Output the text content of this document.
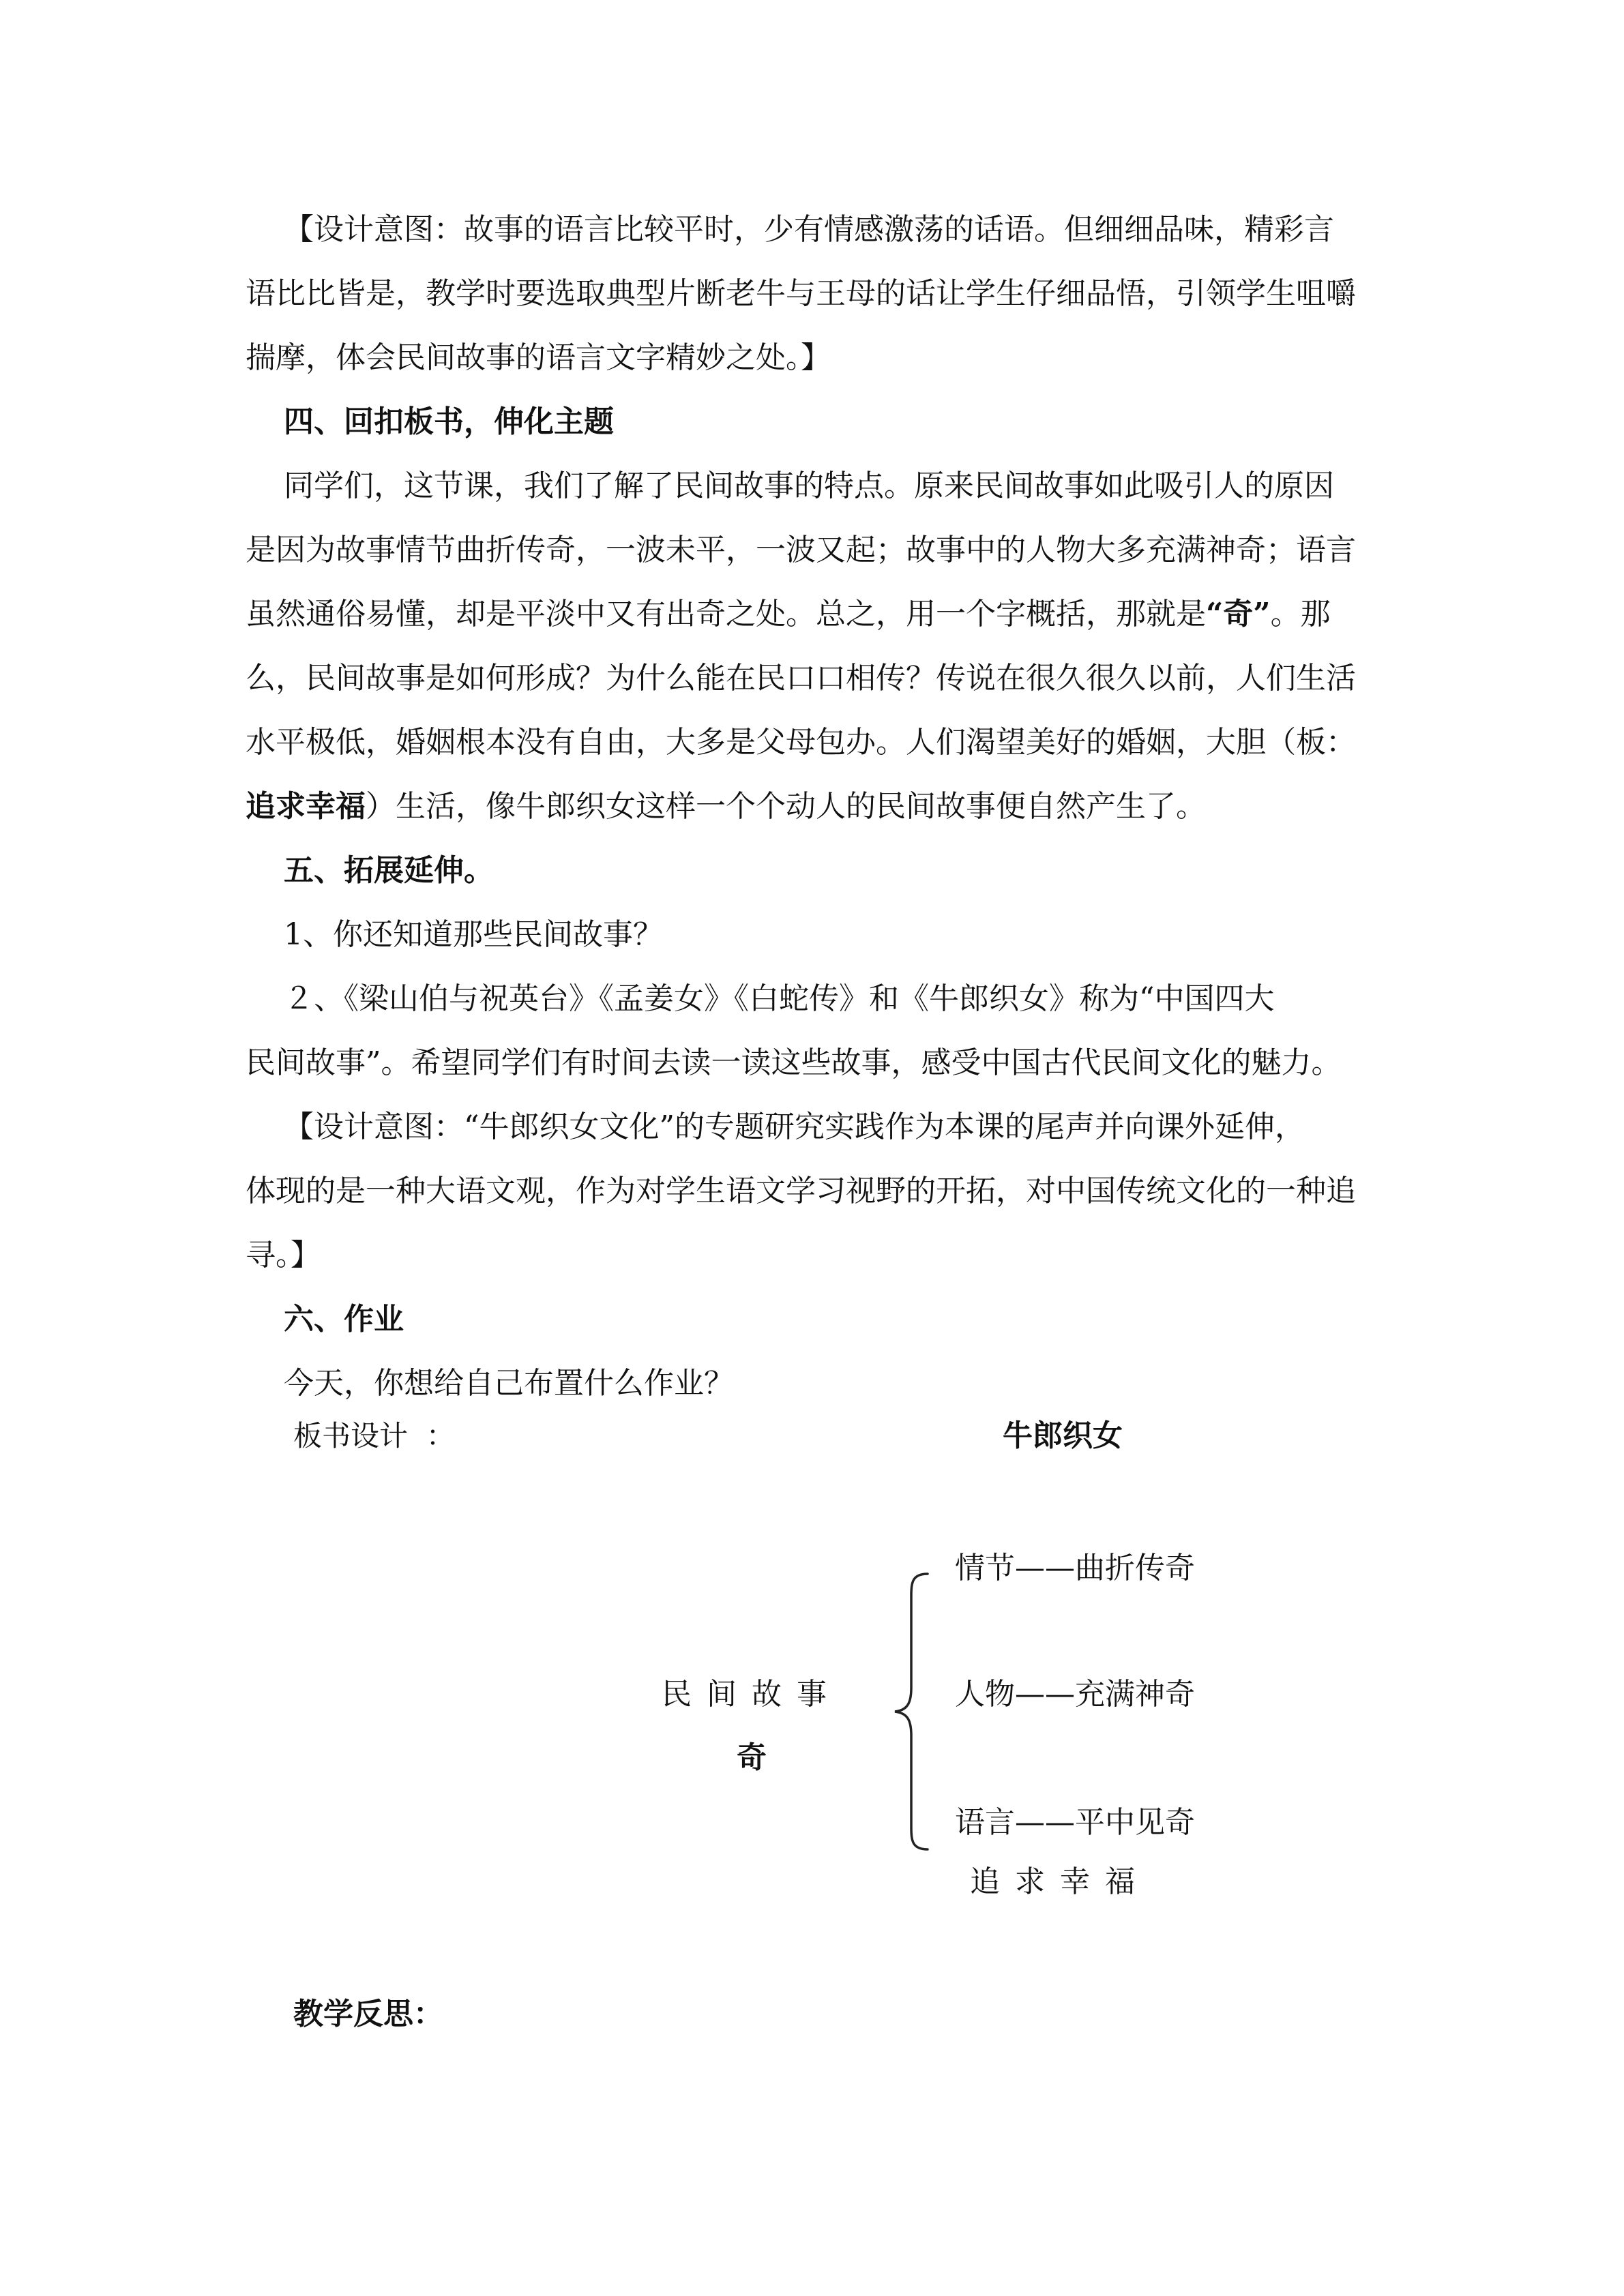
【设计意图：故事的语言比较平时，少有情感激荡的话语。但细细品味，精彩言

语比比皆是，教学时要选取典型片断老牛与王母的话让学生仔细品悟，引领学生咀嚼

揣摩，体会民间故事的语言文字精妙之处。】

四、回扣板书，伸化主题

同学们，这节课，我们了解了民间故事的特点。原来民间故事如此吸引人的原因

是因为故事情节曲折传奇，一波未平，一波又起；故事中的人物大多充满神奇；语言

虽然通俗易懂，却是平淡中又有出奇之处。总之，用一个字概括，那就是“奇”。那

么，民间故事是如何形成？为什么能在民口口相传？传说在很久很久以前，人们生活

水平极低，婚姻根本没有自由，大多是父母包办。人们渴望美好的婚姻，大胆（板：

追求幸福）生活，像牛郎织女这样一个个动人的民间故事便自然产生了。

五、拓展延伸。

1、你还知道那些民间故事？

２、《梁山伯与祝英台》《孟姜女》《白蛇传》和《牛郎织女》称为“中国四大

民间故事”。希望同学们有时间去读一读这些故事，感受中国古代民间文化的魅力。

【设计意图：“牛郎织女文化”的专题研究实践作为本课的尾声并向课外延伸，

体现的是一种大语文观，作为对学生语文学习视野的开拓，对中国传统文化的一种追

寻。】

六、作业

今天，你想给自己布置什么作业？

板书设计  ：	牛郎织女
情节——曲折传奇
民间故事
奇
人物——充满神奇
语言——平中见奇
追求幸福
教学反思：
